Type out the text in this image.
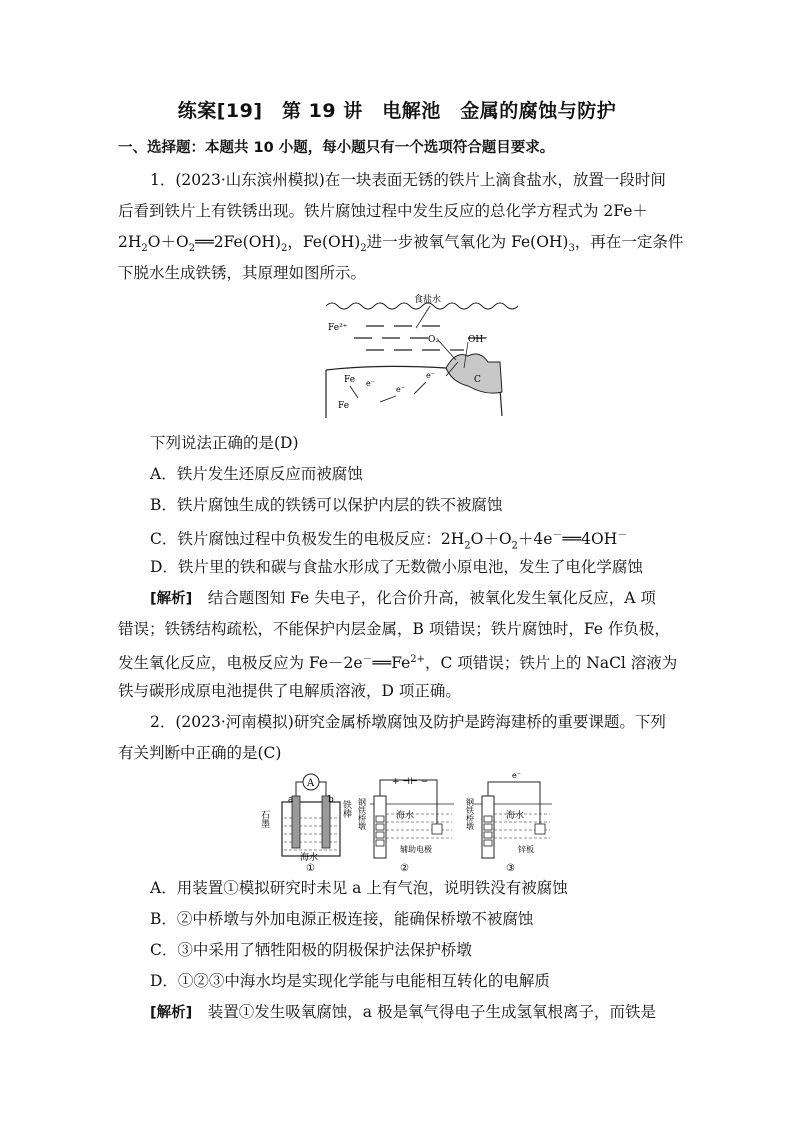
练案[19]　第 19 讲　电解池　金属的腐蚀与防护
一、选择题：本题共 10 小题，每小题只有一个选项符合题目要求。
1．(2023·山东滨州模拟)在一块表面无锈的铁片上滴食盐水，放置一段时间
后看到铁片上有铁锈出现。铁片腐蚀过程中发生反应的总化学方程式为 2Fe＋
$2H_2O+O_2══2Fe(OH)_2$，$Fe(OH)_2$进一步被氧气氧化为 $Fe(OH)_3$，再在一定条件
下脱水生成铁锈，其原理如图所示。
食盐水
Fe²⁺
O₂	OH⁻
Fe
Fe
C
e⁻
e⁻
e⁻
下列说法正确的是(D)
A．铁片发生还原反应而被腐蚀
B．铁片腐蚀生成的铁锈可以保护内层的铁不被腐蚀
C．铁片腐蚀过程中负极发生的电极反应：$2H_2O+O_2+4e^-══4OH^-$
D．铁片里的铁和碳与食盐水形成了无数微小原电池，发生了电化学腐蚀
[解析]　 结合题图知 Fe 失电子，化合价升高，被氧化发生氧化反应，A 项
错误；铁锈结构疏松，不能保护内层金属，B 项错误；铁片腐蚀时，Fe 作负极，
发生氧化反应，电极反应为 $Fe-2e^-══Fe^{2+}$，C 项错误；铁片上的 NaCl 溶液为
铁与碳形成原电池提供了电解质溶液，D 项正确。
2．(2023·河南模拟)研究金属桥墩腐蚀及防护是跨海建桥的重要课题。下列
有关判断中正确的是(C)
A
a	b
石墨
铁棒
海水
①
+ ⊣⊢ −
钢铁桥墩	海水
辅助电极
②
e⁻
钢铁桥墩	海水
锌板
③
A．用装置①模拟研究时未见 a 上有气泡，说明铁没有被腐蚀
B．②中桥墩与外加电源正极连接，能确保桥墩不被腐蚀
C．③中采用了牺牲阳极的阴极保护法保护桥墩
D．①②③中海水均是实现化学能与电能相互转化的电解质
[解析]　 装置①发生吸氧腐蚀，a 极是氧气得电子生成氢氧根离子，而铁是
